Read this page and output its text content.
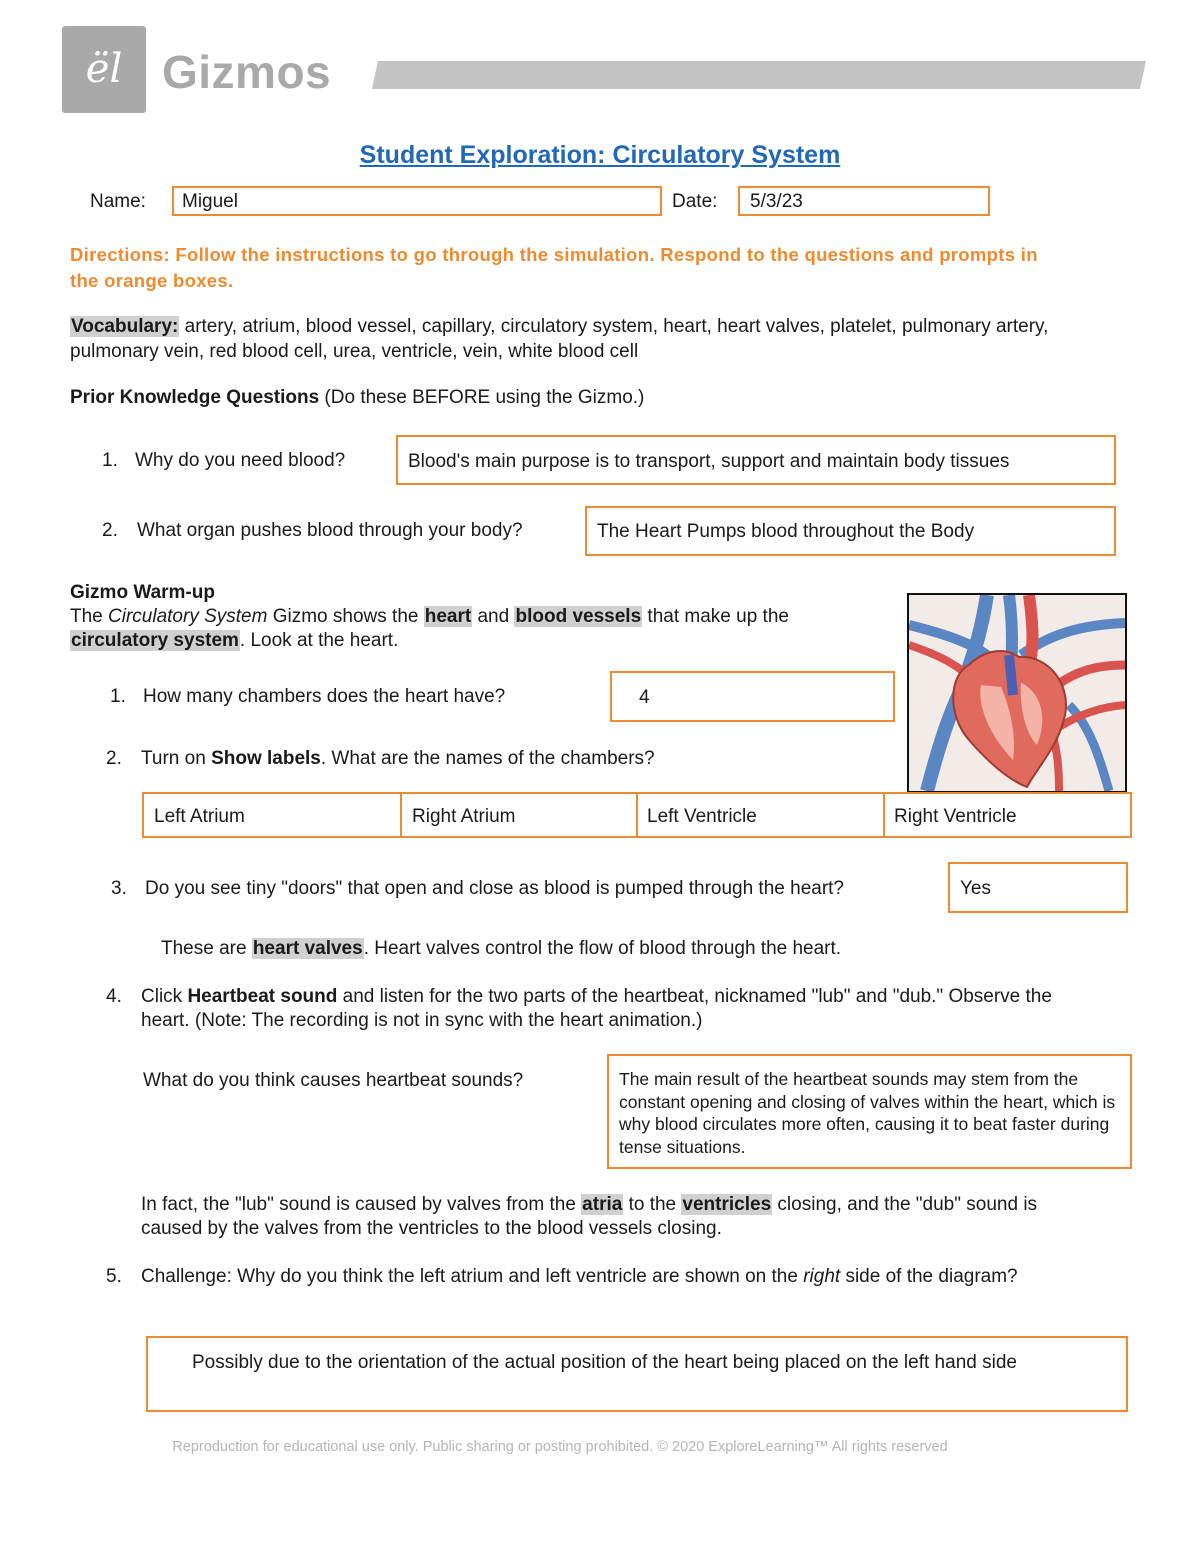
ël Gizmos
Student Exploration: Circulatory System
Name: Miguel	Date: 5/3/23
Directions: Follow the instructions to go through the simulation. Respond to the questions and prompts in the orange boxes.
Vocabulary: artery, atrium, blood vessel, capillary, circulatory system, heart, heart valves, platelet, pulmonary artery, pulmonary vein, red blood cell, urea, ventricle, vein, white blood cell
Prior Knowledge Questions (Do these BEFORE using the Gizmo.)
1. Why do you need blood?	Blood's main purpose is to transport, support and maintain body tissues
2. What organ pushes blood through your body?	The Heart Pumps blood throughout the Body
Gizmo Warm-up
The Circulatory System Gizmo shows the heart and blood vessels that make up the circulatory system. Look at the heart.
1. How many chambers does the heart have?	4
2. Turn on Show labels. What are the names of the chambers?
Left Atrium	Right Atrium	Left Ventricle	Right Ventricle
3. Do you see tiny "doors" that open and close as blood is pumped through the heart?	Yes
These are heart valves. Heart valves control the flow of blood through the heart.
4. Click Heartbeat sound and listen for the two parts of the heartbeat, nicknamed "lub" and "dub." Observe the heart. (Note: The recording is not in sync with the heart animation.)
What do you think causes heartbeat sounds?	The main result of the heartbeat sounds may stem from the constant opening and closing of valves within the heart, which is why blood circulates more often, causing it to beat faster during tense situations.
In fact, the "lub" sound is caused by valves from the atria to the ventricles closing, and the "dub" sound is caused by the valves from the ventricles to the blood vessels closing.
5. Challenge: Why do you think the left atrium and left ventricle are shown on the right side of the diagram?
Possibly due to the orientation of the actual position of the heart being placed on the left hand side
Reproduction for educational use only. Public sharing or posting prohibited. © 2020 ExploreLearning™ All rights reserved
